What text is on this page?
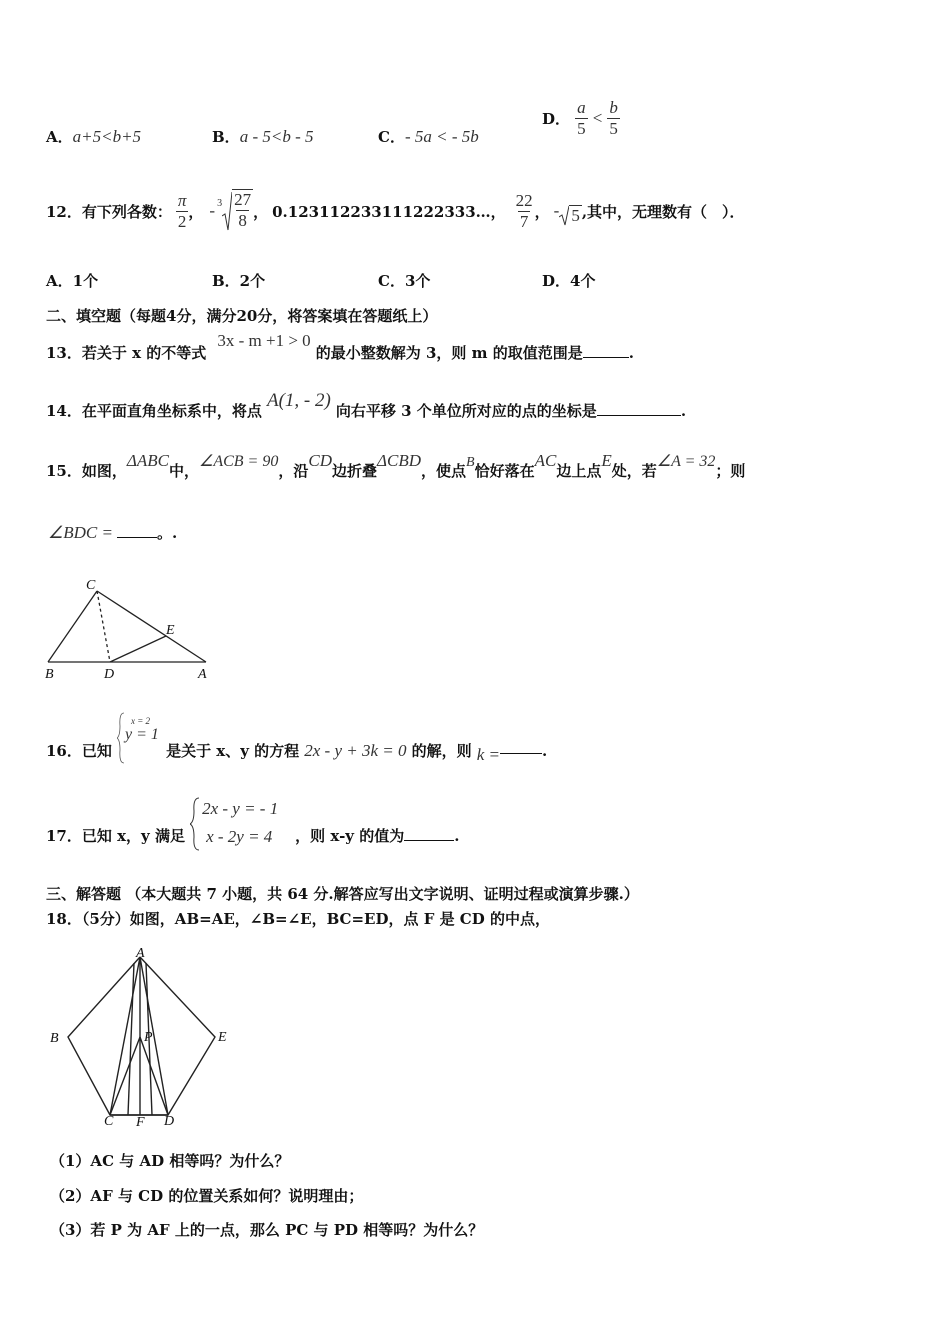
A．a+5<b+5	B．a - 5<b - 5	C．- 5a < - 5b
D． $\frac{a}{5} < \frac{b}{5}$
12．有下列各数： $\frac{\pi}{2}$ ， - $3 \frac{27}{8}$ ， 0.123112233111222333…， $\frac{22}{7}$ ， - 5 ,其中，无理数有（　）．
A．1个	B．2个	C．3个	D．4个
二、填空题（每题4分，满分20分，将答案填在答题纸上）
13．若关于 x 的不等式 3x - m +1 > 0 的最小整数解为 3，则 m 的取值范围是	.
14．在平面直角坐标系中，将点 A(1, - 2) 向右平移 3 个单位所对应的点的坐标是	.
15．如图，ΔABC中，∠ACB = 90，沿CD边折叠ΔCBD，使点B恰好落在AC边上点E处，若∠A = 32；则
∠BDC =	。.
C
E
B	D	A
16．已知
x = 2
y = 1
是关于 x、y 的方程 2x - y + 3k = 0 的解，则 k =	.
17．已知 x，y 满足
2x - y = - 1
x - 2y = 4 ，则 x-y 的值为	.
三、解答题 （本大题共 7 小题，共 64 分.解答应写出文字说明、证明过程或演算步骤.）
18．（5分）如图，AB=AE，∠B=∠E，BC=ED，点 F 是 CD 的中点，
A
B	E
P
C F D
（1）AC 与 AD 相等吗？为什么？
（2）AF 与 CD 的位置关系如何？说明理由；
（3）若 P 为 AF 上的一点，那么 PC 与 PD 相等吗？为什么？
